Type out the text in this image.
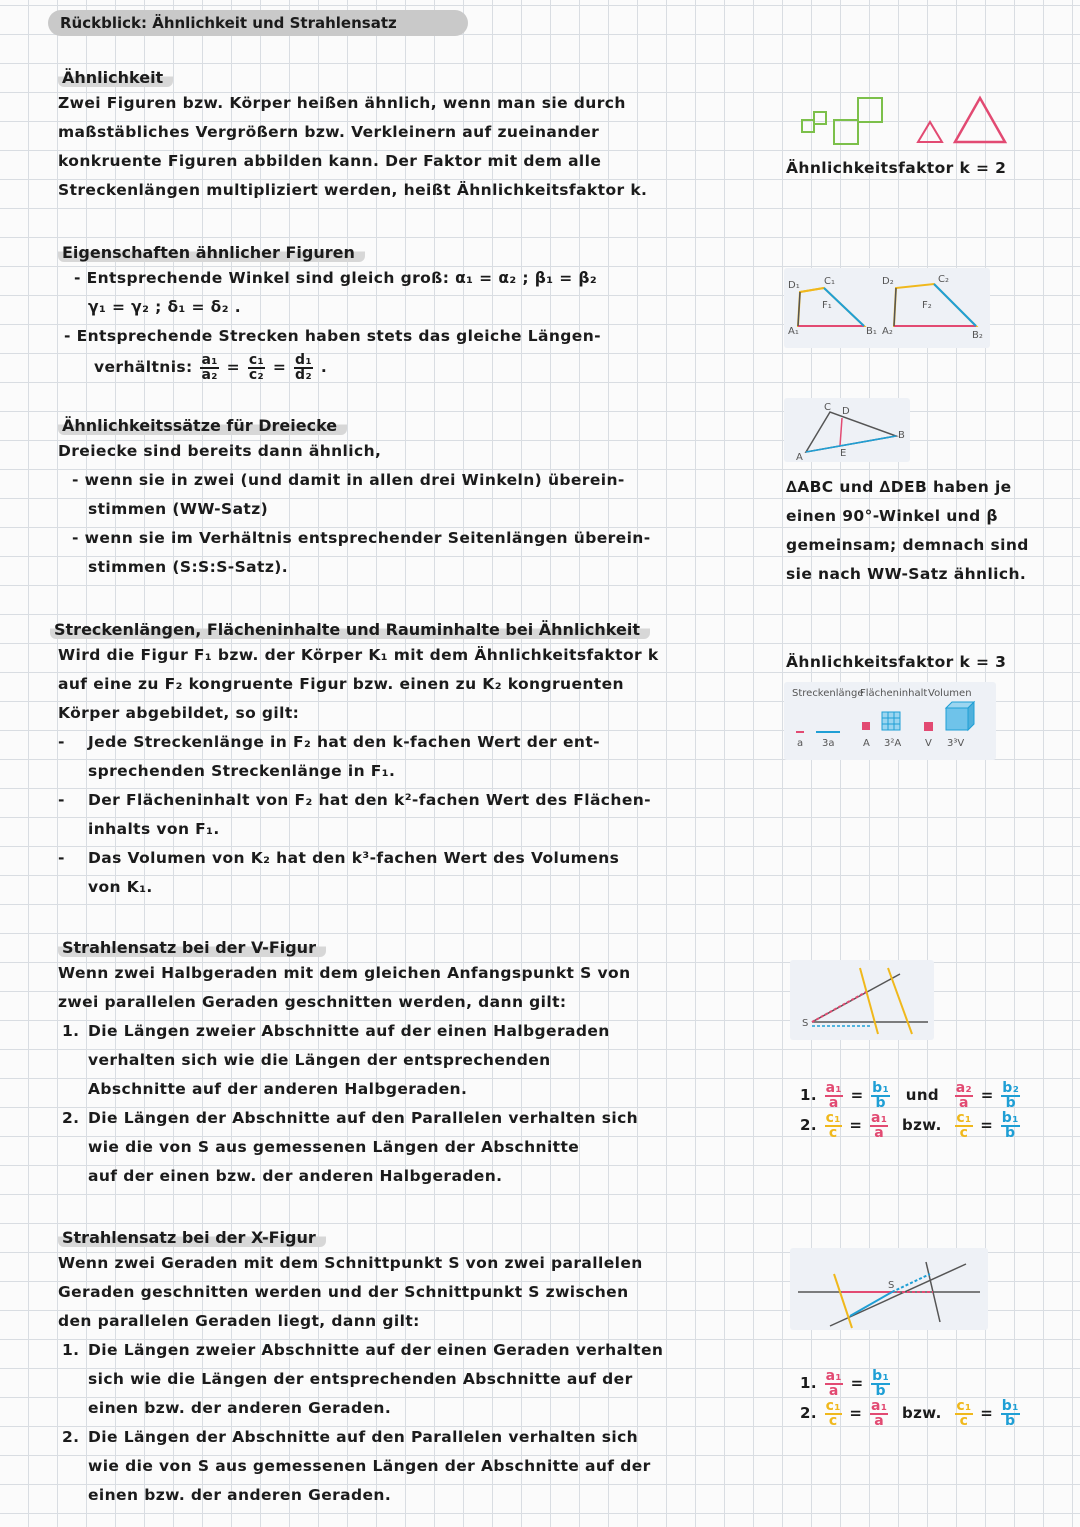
Rückblick: Ähnlichkeit und Strahlensatz
Ähnlichkeit
Zwei Figuren bzw. Körper heißen ähnlich, wenn man sie durch
maßstäbliches Vergrößern bzw. Verkleinern auf zueinander
konkruente Figuren abbilden kann. Der Faktor mit dem alle
Streckenlängen multipliziert werden, heißt Ähnlichkeitsfaktor k.
Ähnlichkeitsfaktor k = 2
Eigenschaften ähnlicher Figuren
- Entsprechende Winkel sind gleich groß: α₁ = α₂ ; β₁ = β₂
γ₁ = γ₂ ; δ₁ = δ₂ .
- Entsprechende Strecken haben stets das gleiche Längen-
verhältnis: $\frac{\text{a₁}}{\text{a₂}} = \frac{\text{c₁}}{\text{c₂}} = \frac{\text{d₁}}{\text{d₂}}$ .
D₁
A₁	B₁
C₁	D₂
A₂	B₂
C₂
F₁	F₂
Ähnlichkeitssätze für Dreiecke
Dreiecke sind bereits dann ähnlich,
- wenn sie in zwei (und damit in allen drei Winkeln) überein-
stimmen (WW-Satz)
- wenn sie im Verhältnis entsprechender Seitenlängen überein-
stimmen (S:S:S-Satz).
A
C D
B
E
∆ABC und ∆DEB haben je
einen 90°-Winkel und β
gemeinsam; demnach sind
sie nach WW-Satz ähnlich.
Streckenlängen, Flächeninhalte und Rauminhalte bei Ähnlichkeit
Wird die Figur F₁ bzw. der Körper K₁ mit dem Ähnlichkeitsfaktor k
auf eine zu F₂ kongruente Figur bzw. einen zu K₂ kongruenten
Körper abgebildet, so gilt:
- Jede Streckenlänge in F₂ hat den k-fachen Wert der ent-
sprechenden Streckenlänge in F₁.
- Der Flächeninhalt von F₂ hat den k²-fachen Wert des Flächen-
inhalts von F₁.
- Das Volumen von K₂ hat den k³-fachen Wert des Volumens
von K₁.
Ähnlichkeitsfaktor k = 3
Streckenlänge
Flächeninhalt Volumen
a 3a	A 3²A V 3³V
Strahlensatz bei der V-Figur
Wenn zwei Halbgeraden mit dem gleichen Anfangspunkt S von
zwei parallelen Geraden geschnitten werden, dann gilt:
1. Die Längen zweier Abschnitte auf der einen Halbgeraden
verhalten sich wie die Längen der entsprechenden
Abschnitte auf der anderen Halbgeraden.
2. Die Längen der Abschnitte auf den Parallelen verhalten sich
wie die von S aus gemessenen Längen der Abschnitte
auf der einen bzw. der anderen Halbgeraden.
S
1. $\frac{\text{a₁}}{a} = \frac{\text{b₁}}{b}$ und $\frac{\text{a₂}}{a} = \frac{\text{b₂}}{b}$
2. $\frac{\text{c₁}}{c} = \frac{\text{a₁}}{a}$ bzw. $\frac{\text{c₁}}{c} = \frac{\text{b₁}}{b}$
Strahlensatz bei der X-Figur
Wenn zwei Geraden mit dem Schnittpunkt S von zwei parallelen
Geraden geschnitten werden und der Schnittpunkt S zwischen
den parallelen Geraden liegt, dann gilt:
1. Die Längen zweier Abschnitte auf der einen Geraden verhalten
sich wie die Längen der entsprechenden Abschnitte auf der
einen bzw. der anderen Geraden.
2. Die Längen der Abschnitte auf den Parallelen verhalten sich
wie die von S aus gemessenen Längen der Abschnitte auf der
einen bzw. der anderen Geraden.
S
1. $\frac{\text{a₁}}{a} = \frac{\text{b₁}}{b}$
2. $\frac{\text{c₁}}{c} = \frac{\text{a₁}}{a}$ bzw. $\frac{\text{c₁}}{c} = \frac{\text{b₁}}{b}$
